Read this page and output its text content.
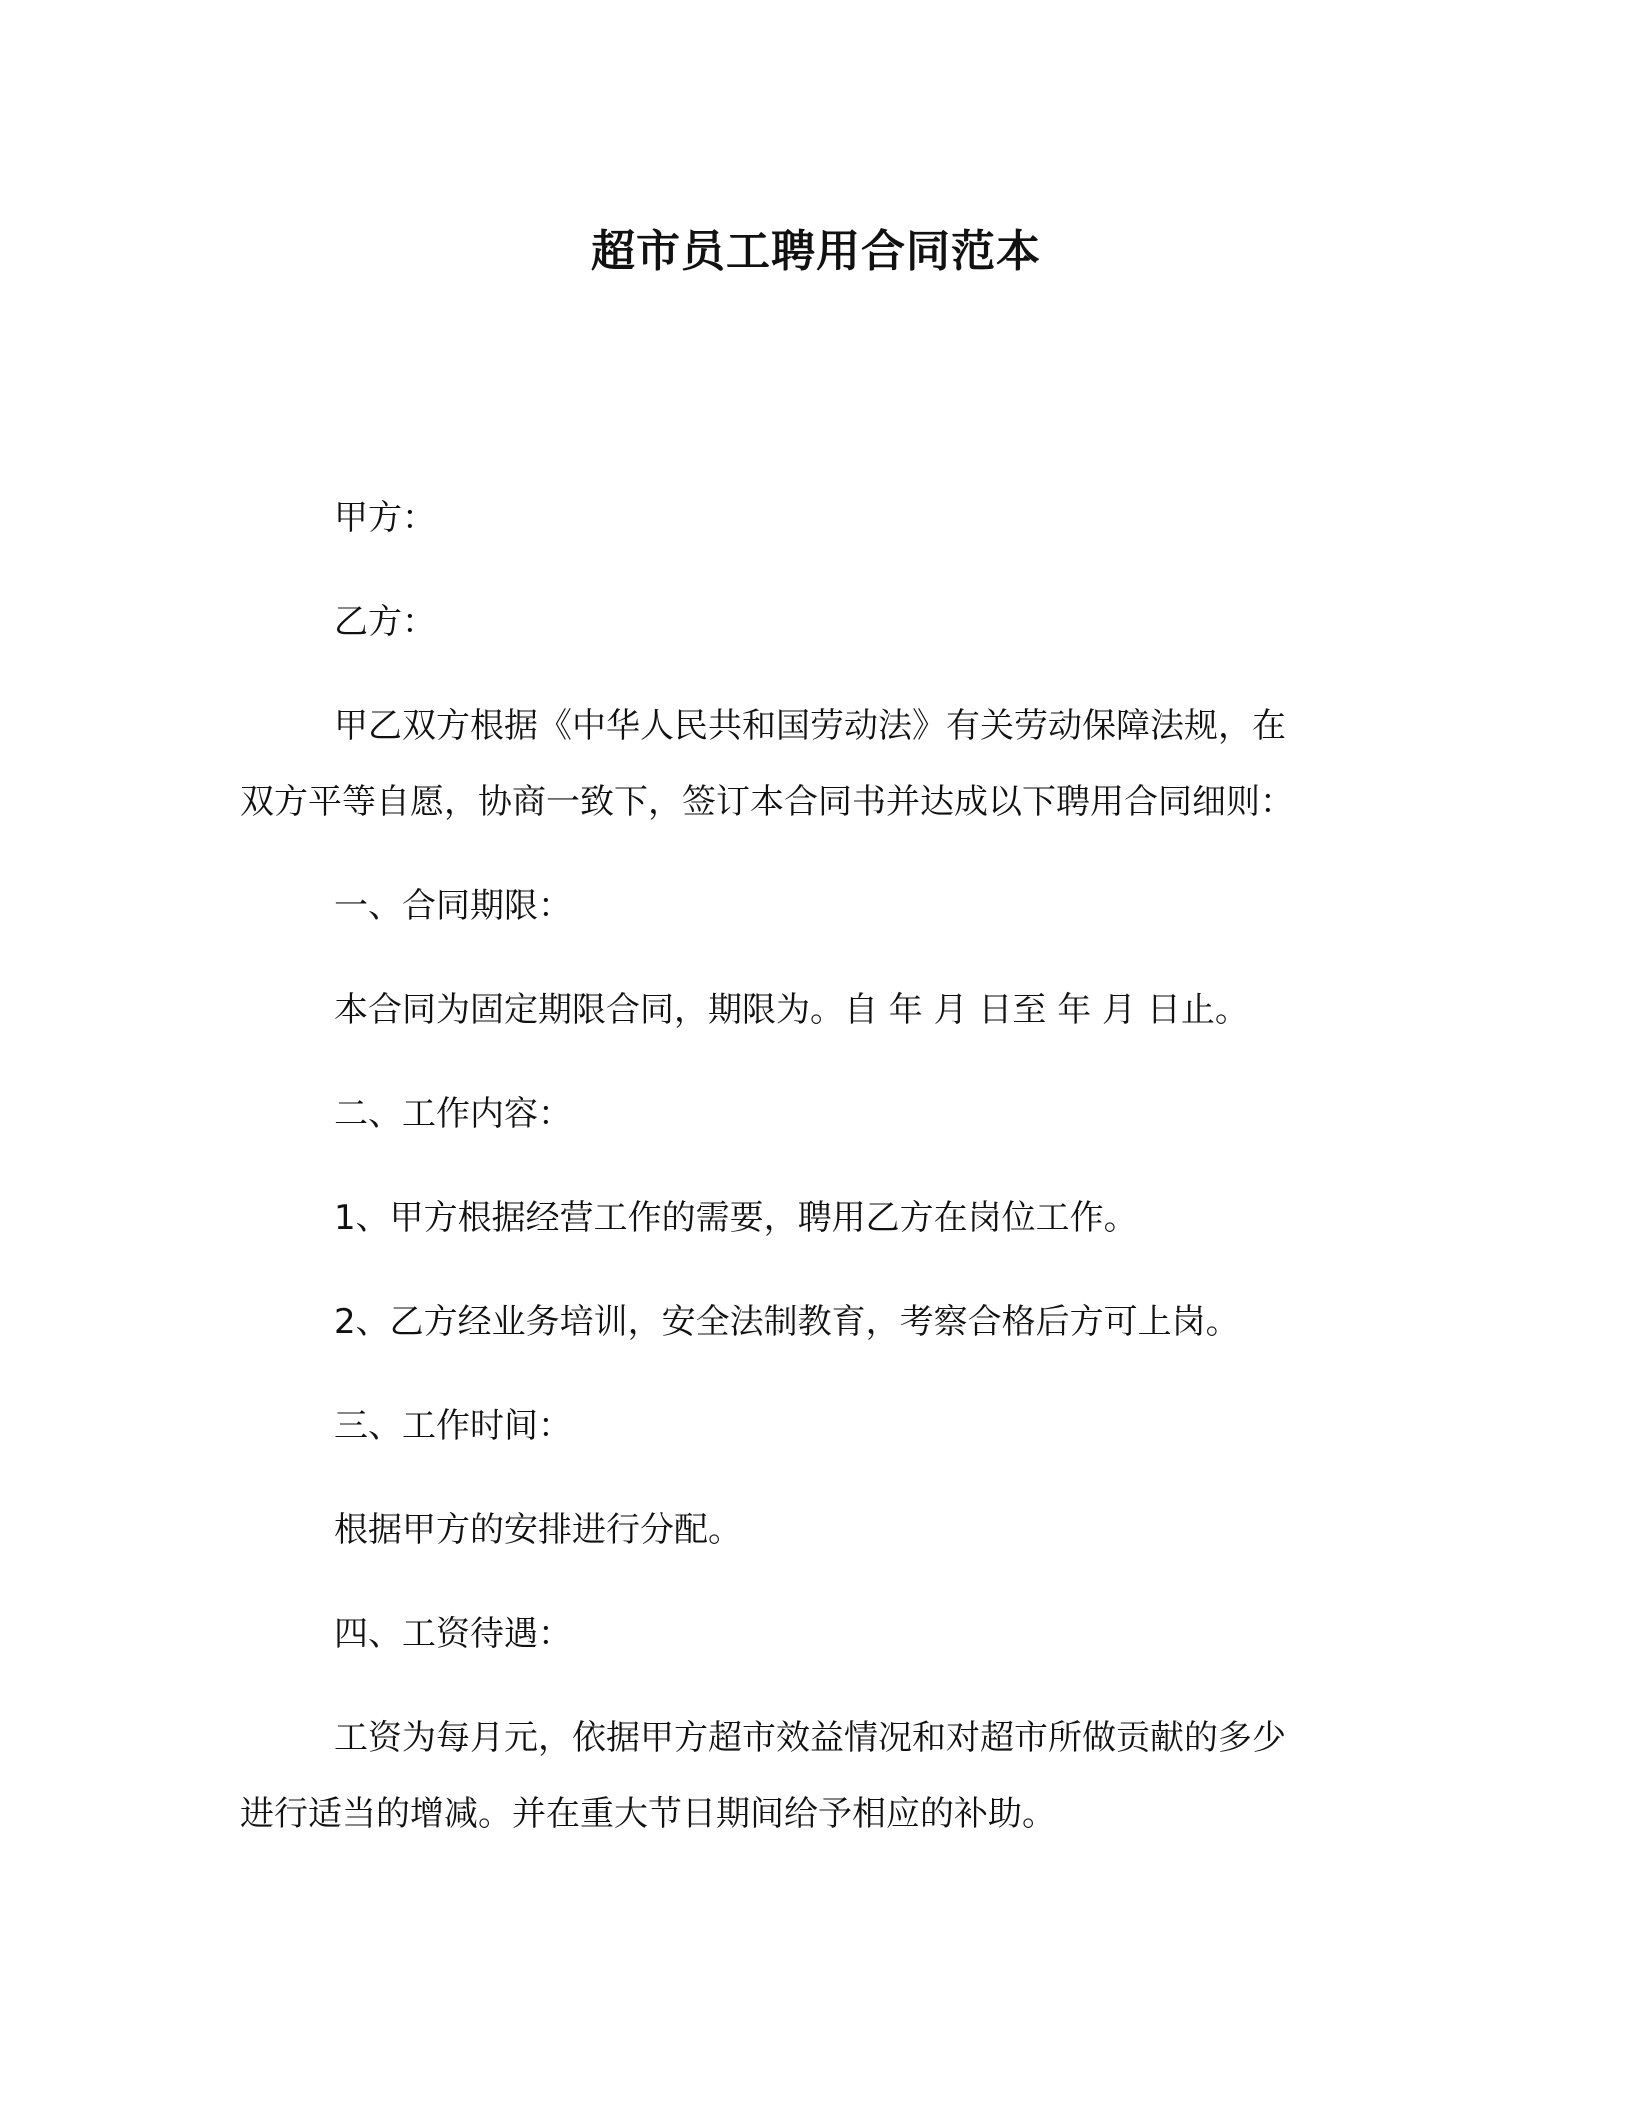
超市员工聘用合同范本

甲方：

乙方：

甲乙双方根据《中华人民共和国劳动法》有关劳动保障法规，在

双方平等自愿，协商一致下，签订本合同书并达成以下聘用合同细则：

一、合同期限：

本合同为固定期限合同，期限为。自 年 月 日至 年 月 日止。

二、工作内容：

1、甲方根据经营工作的需要，聘用乙方在岗位工作。

2、乙方经业务培训，安全法制教育，考察合格后方可上岗。

三、工作时间：

根据甲方的安排进行分配。

四、工资待遇：

工资为每月元，依据甲方超市效益情况和对超市所做贡献的多少

进行适当的增减。并在重大节日期间给予相应的补助。
